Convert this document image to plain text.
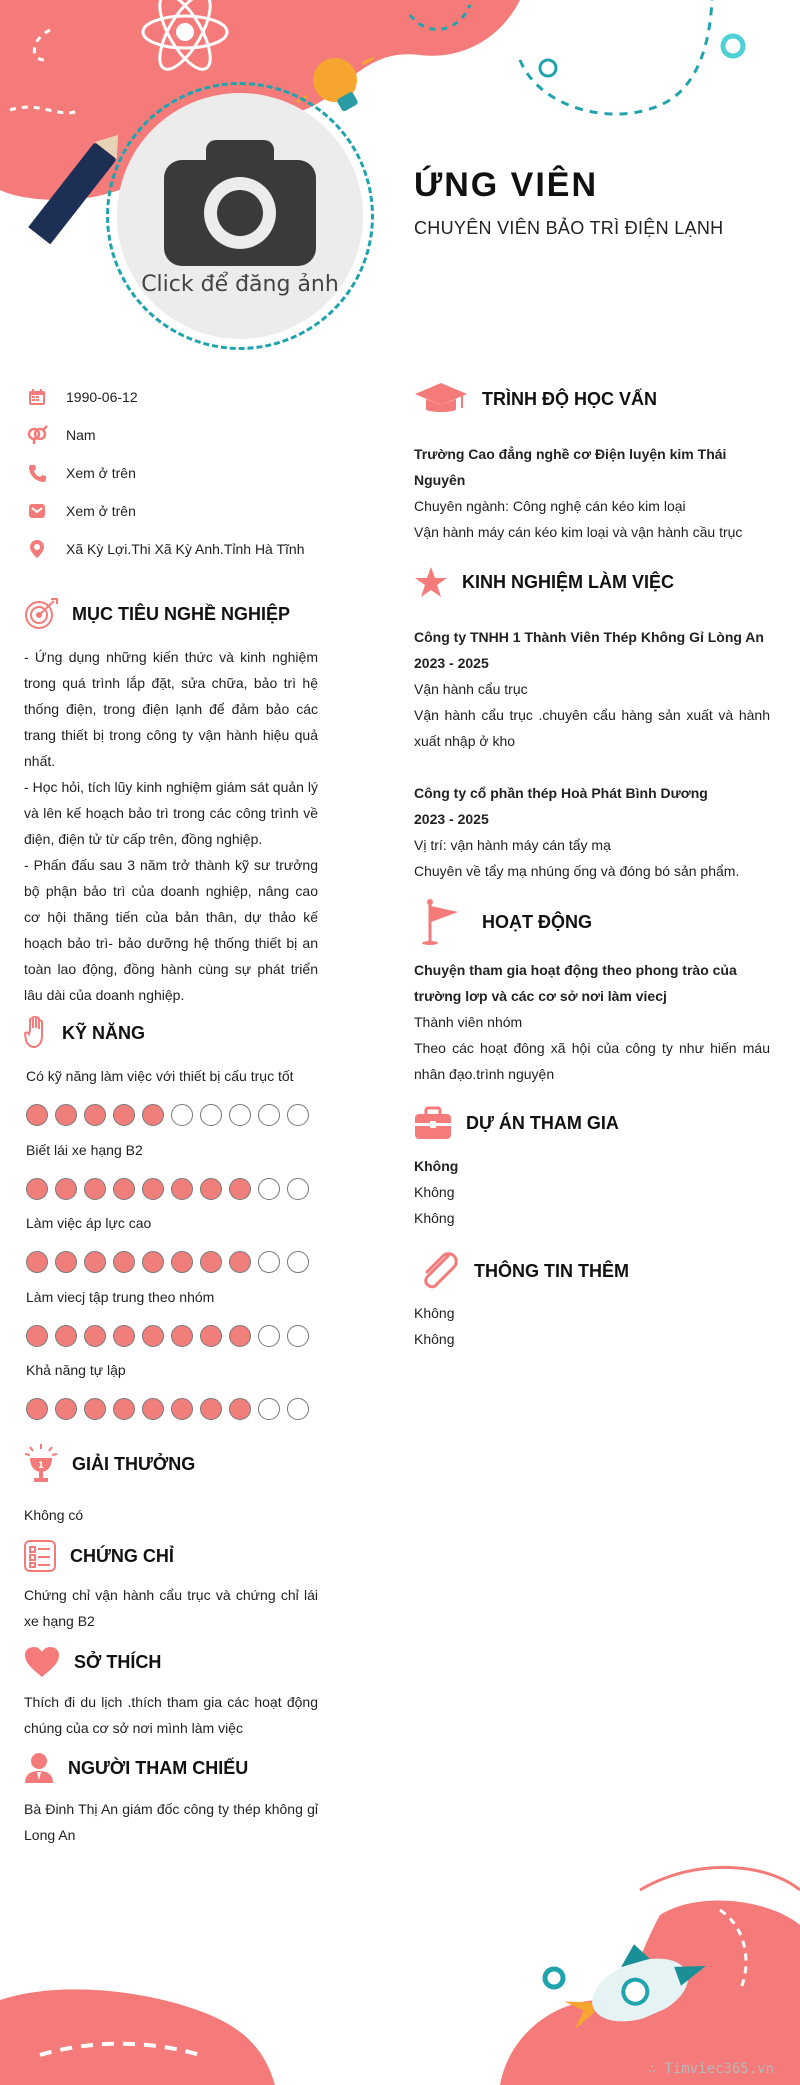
Click để đăng ảnh
ỨNG VIÊN
CHUYÊN VIÊN BẢO TRÌ ĐIỆN LẠNH
1990-06-12
Nam
Xem ở trên
Xem ở trên
Xã Kỳ Lợi.Thi Xã Kỳ Anh.Tỉnh Hà Tĩnh
MỤC TIÊU NGHỀ NGHIỆP

- Ứng dụng những kiến thức và kinh nghiệm trong quá trình lắp đặt, sửa chữa, bảo trì hệ thống điện, trong điện lạnh để đảm bảo các trang thiết bị trong công ty vận hành hiệu quả nhất.

- Học hỏi, tích lũy kinh nghiệm giám sát quản lý và lên kế hoạch bảo trì trong các công trình về điện, điện tử từ cấp trên, đồng nghiệp.

- Phấn đấu sau 3 năm trở thành kỹ sư trưởng bộ phận bảo trì của doanh nghiệp, nâng cao cơ hội thăng tiến của bản thân, dự thảo kế hoạch bảo trì- bảo dưỡng hệ thống thiết bị an toàn lao động, đồng hành cùng sự phát triển lâu dài của doanh nghiệp.

KỸ NĂNG
Có kỹ năng làm việc với thiết bị cấu trục tốt
Biết lái xe hạng B2
Làm việc áp lực cao
Làm viecj tập trung theo nhóm
Khả năng tự lập
1 GIẢI THƯỞNG
Không có
CHỨNG CHỈ
Chứng chỉ vận hành cẩu trục và chứng chỉ lái xe hạng B2
SỞ THÍCH
Thích đi du lịch .thích tham gia các hoạt động chúng của cơ sở nơi mình làm việc
NGƯỜI THAM CHIẾU
Bà Đinh Thị An giám đốc công ty thép không gỉ Long An
TRÌNH ĐỘ HỌC VẤN
Trường Cao đẳng nghề cơ Điện luyện kim Thái Nguyên
Chuyên ngành: Công nghệ cán kéo kim loại
Vận hành máy cán kéo kim loại và vận hành cầu trục
KINH NGHIỆM LÀM VIỆC
Công ty TNHH 1 Thành Viên Thép Không Gỉ Lòng An
2023 - 2025
Vận hành cẩu trục
Vận hành cẩu trục .chuyên cẩu hàng sản xuất và hành xuất nhập ở kho
Công ty cổ phần thép Hoà Phát Bình Dương
2023 - 2025
Vị trí: vận hành máy cán tẩy mạ
Chuyên về tẩy mạ nhúng ống và đóng bó sản phẩm.
HOẠT ĐỘNG
Chuyện tham gia hoạt động theo phong trào của trường lơp và các cơ sở nơi làm viecj
Thành viên nhóm
Theo các hoạt đông xã hội của công ty như hiến máu nhân đạo.trình nguyện
DỰ ÁN THAM GIA
Không
Không
Không
THÔNG TIN THÊM
Không
Không
∴ Timviec365.vn
